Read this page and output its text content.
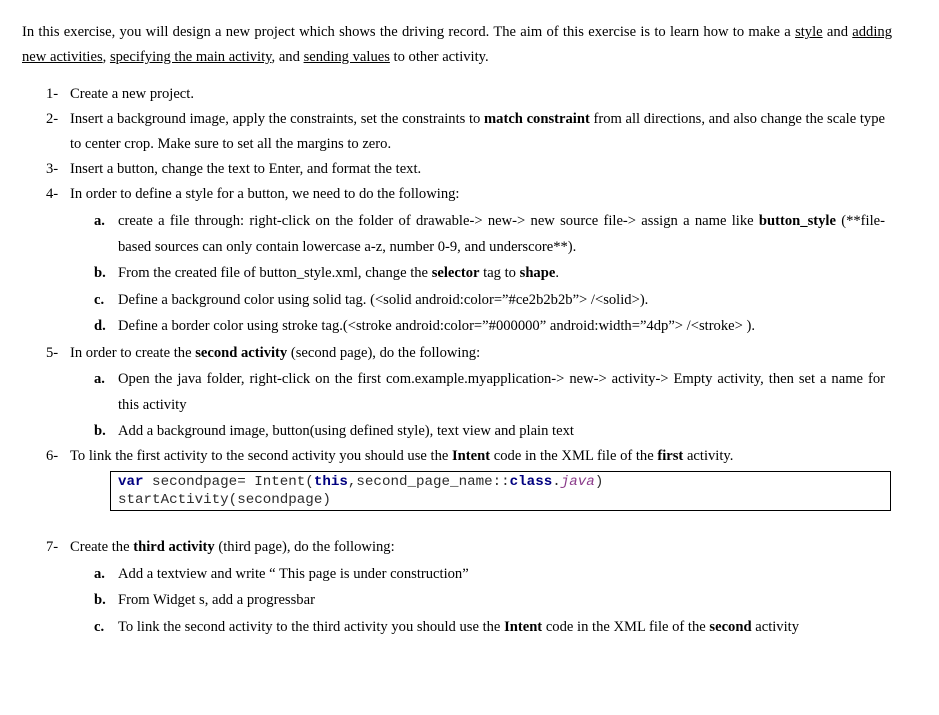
In this exercise, you will design a new project which shows the driving record. The aim of this exercise is to learn how to make a style and adding new activities, specifying the main activity, and sending values to other activity.
1- Create a new project.
2- Insert a background image, apply the constraints, set the constraints to match constraint from all directions, and also change the scale type to center crop. Make sure to set all the margins to zero.
3- Insert a button, change the text to Enter, and format the text.
4- In order to define a style for a button, we need to do the following:
a. create a file through: right-click on the folder of drawable-> new-> new source file-> assign a name like button_style (**file-based sources can only contain lowercase a-z, number 0-9, and underscore**).
b. From the created file of button_style.xml, change the selector tag to shape.
c. Define a background color using solid tag. (<solid android:color=”#ce2b2b2b”> /<solid>).
d. Define a border color using stroke tag.(<stroke android:color=”#000000” android:width=”4dp”> /<stroke> ).
5- In order to create the second activity (second page), do the following:
a. Open the java folder, right-click on the first com.example.myapplication-> new-> activity-> Empty activity, then set a name for this activity
b. Add a background image, button(using defined style), text view and plain text
6- To link the first activity to the second activity you should use the Intent code in the XML file of the first activity.
var secondpage= Intent(this,second_page_name::class.java)
startActivity(secondpage)
7- Create the third activity (third page), do the following:
a. Add a textview and write “ This page is under construction”
b. From Widget s, add a progressbar
c. To link the second activity to the third activity you should use the Intent code in the XML file of the second activity
